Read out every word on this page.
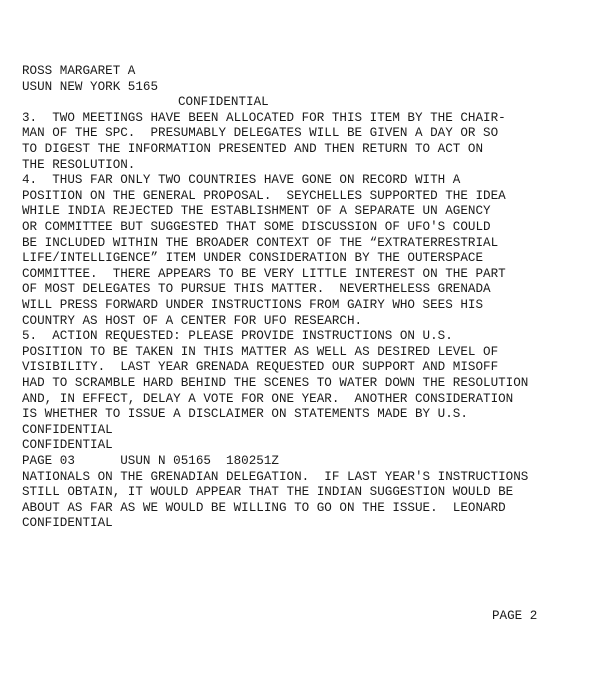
ROSS MARGARET A
USUN NEW YORK 5165
CONFIDENTIAL
3.  TWO MEETINGS HAVE BEEN ALLOCATED FOR THIS ITEM BY THE CHAIR-
MAN OF THE SPC.  PRESUMABLY DELEGATES WILL BE GIVEN A DAY OR SO
TO DIGEST THE INFORMATION PRESENTED AND THEN RETURN TO ACT ON
THE RESOLUTION.
4.  THUS FAR ONLY TWO COUNTRIES HAVE GONE ON RECORD WITH A
POSITION ON THE GENERAL PROPOSAL.  SEYCHELLES SUPPORTED THE IDEA
WHILE INDIA REJECTED THE ESTABLISHMENT OF A SEPARATE UN AGENCY
OR COMMITTEE BUT SUGGESTED THAT SOME DISCUSSION OF UFO'S COULD
BE INCLUDED WITHIN THE BROADER CONTEXT OF THE “EXTRATERRESTRIAL
LIFE/INTELLIGENCE” ITEM UNDER CONSIDERATION BY THE OUTERSPACE
COMMITTEE.  THERE APPEARS TO BE VERY LITTLE INTEREST ON THE PART
OF MOST DELEGATES TO PURSUE THIS MATTER.  NEVERTHELESS GRENADA
WILL PRESS FORWARD UNDER INSTRUCTIONS FROM GAIRY WHO SEES HIS
COUNTRY AS HOST OF A CENTER FOR UFO RESEARCH.
5.  ACTION REQUESTED: PLEASE PROVIDE INSTRUCTIONS ON U.S.
POSITION TO BE TAKEN IN THIS MATTER AS WELL AS DESIRED LEVEL OF
VISIBILITY.  LAST YEAR GRENADA REQUESTED OUR SUPPORT AND MISOFF
HAD TO SCRAMBLE HARD BEHIND THE SCENES TO WATER DOWN THE RESOLUTION
AND, IN EFFECT, DELAY A VOTE FOR ONE YEAR.  ANOTHER CONSIDERATION
IS WHETHER TO ISSUE A DISCLAIMER ON STATEMENTS MADE BY U.S.
CONFIDENTIAL
CONFIDENTIAL
PAGE 03      USUN N 05165  180251Z
NATIONALS ON THE GRENADIAN DELEGATION.  IF LAST YEAR'S INSTRUCTIONS
STILL OBTAIN, IT WOULD APPEAR THAT THE INDIAN SUGGESTION WOULD BE
ABOUT AS FAR AS WE WOULD BE WILLING TO GO ON THE ISSUE.  LEONARD
CONFIDENTIAL
PAGE 2
